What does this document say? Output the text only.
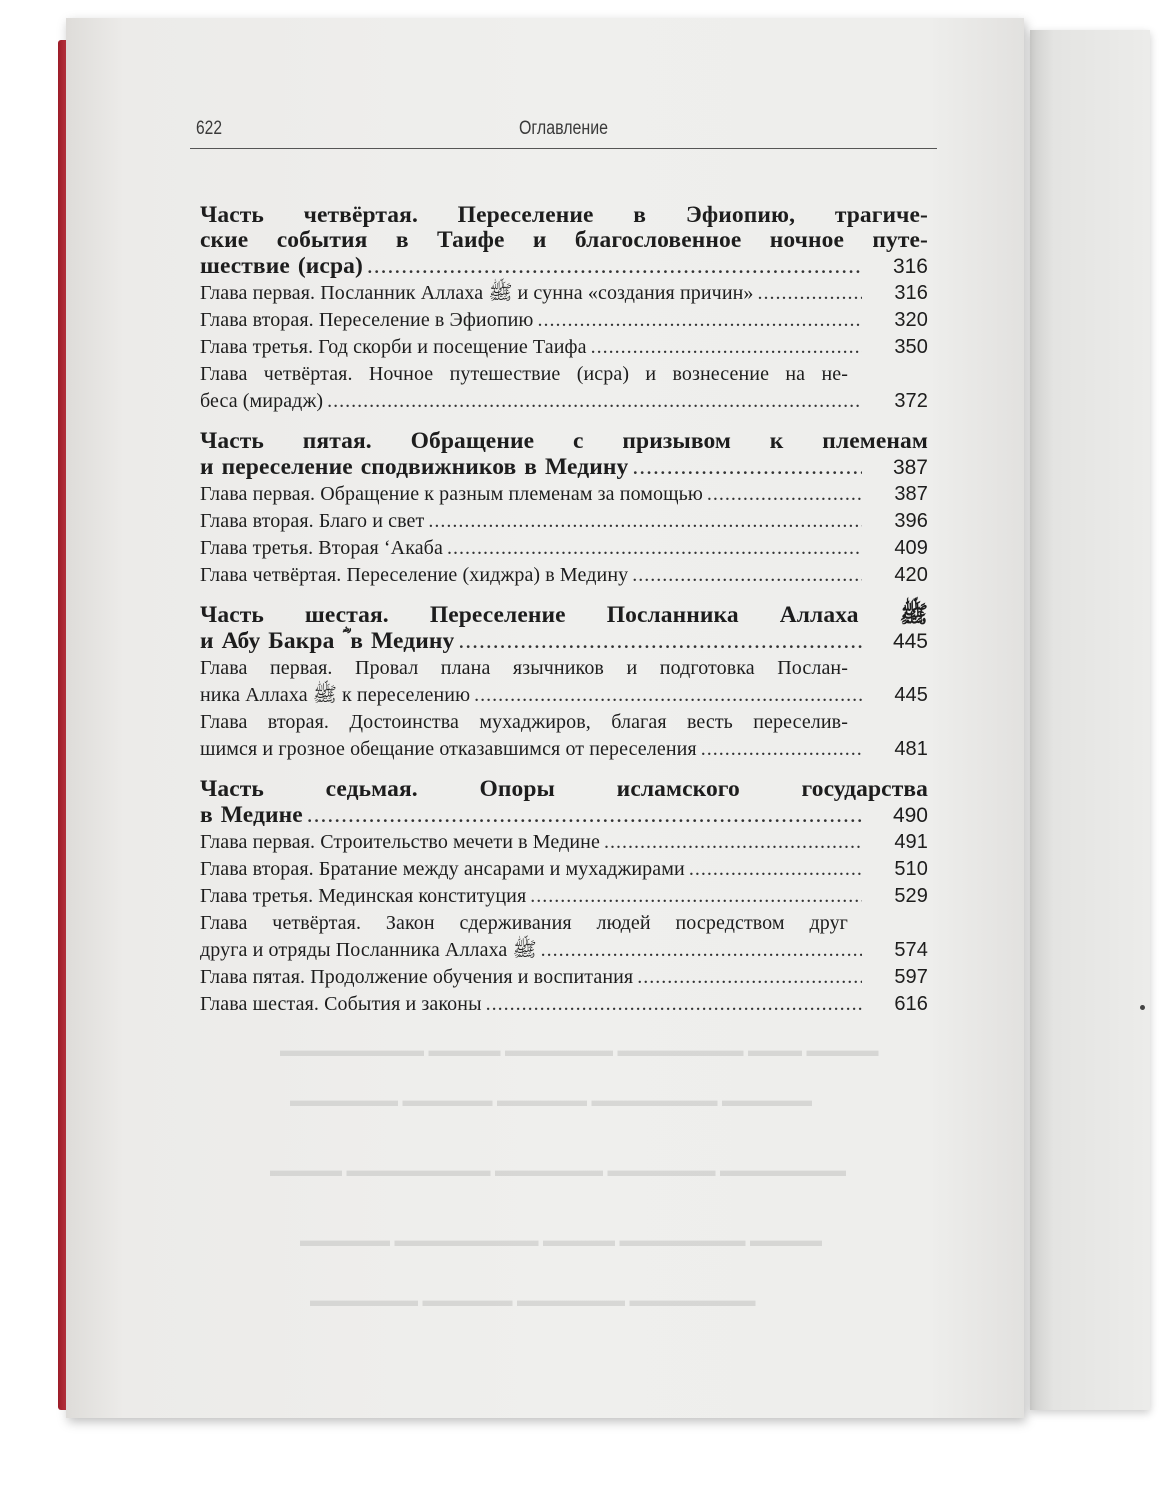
▬▬▬▬ ▬▬▬ ▬▬▬▬▬▬▬ ▬▬▬▬▬▬ ▬▬▬▬ ▬▬▬▬▬▬▬▬
▬▬▬▬▬ ▬▬▬▬▬▬▬ ▬▬▬▬▬ ▬▬▬▬▬ ▬▬▬▬▬▬
▬▬▬▬▬▬▬ ▬▬▬▬▬▬ ▬▬▬▬▬▬ ▬▬▬▬▬▬▬▬ ▬▬▬▬
▬▬▬▬ ▬▬▬▬▬▬▬ ▬▬▬▬ ▬▬▬▬▬▬▬▬ ▬▬▬▬▬
▬▬▬▬▬▬▬ ▬▬▬▬▬▬ ▬▬▬▬▬ ▬▬▬▬▬▬
622	Оглавление
Часть четвёртая. Переселение в Эфиопию, трагиче-
ские события в Таифе и благословенное ночное путе-
шествие (исра) .....	316
Глава первая. Посланник Аллаха ﷺ и сунна «создания причин» .....	316
Глава вторая. Переселение в Эфиопию .....	320
Глава третья. Год скорби и посещение Таифа .....	350
Глава четвёртая. Ночное путешествие (исра) и вознесение на не-
беса (мирадж) .....	372
Часть пятая. Обращение с призывом к племенам
и переселение сподвижников в Медину .....	387
Глава первая. Обращение к разным племенам за помощью .....	387
Глава вторая. Благо и свет .....	396
Глава третья. Вторая ‘Акаба .....	409
Глава четвёртая. Переселение (хиджра) в Медину .....	420
Часть шестая. Переселение Посланника Аллаха ﷺ
и Абу Бакра ؓ в Медину .....	445
Глава первая. Провал плана язычников и подготовка Послан-
ника Аллаха ﷺ к переселению .....	445
Глава вторая. Достоинства мухаджиров, благая весть переселив-
шимся и грозное обещание отказавшимся от переселения .....	481
Часть седьмая. Опоры исламского государства
в Медине .....	490
Глава первая. Строительство мечети в Медине .....	491
Глава вторая. Братание между ансарами и мухаджирами .....	510
Глава третья. Мединская конституция .....	529
Глава четвёртая. Закон сдерживания людей посредством друг
друга и отряды Посланника Аллаха ﷺ .....	574
Глава пятая. Продолжение обучения и воспитания .....	597
Глава шестая. События и законы .....	616
